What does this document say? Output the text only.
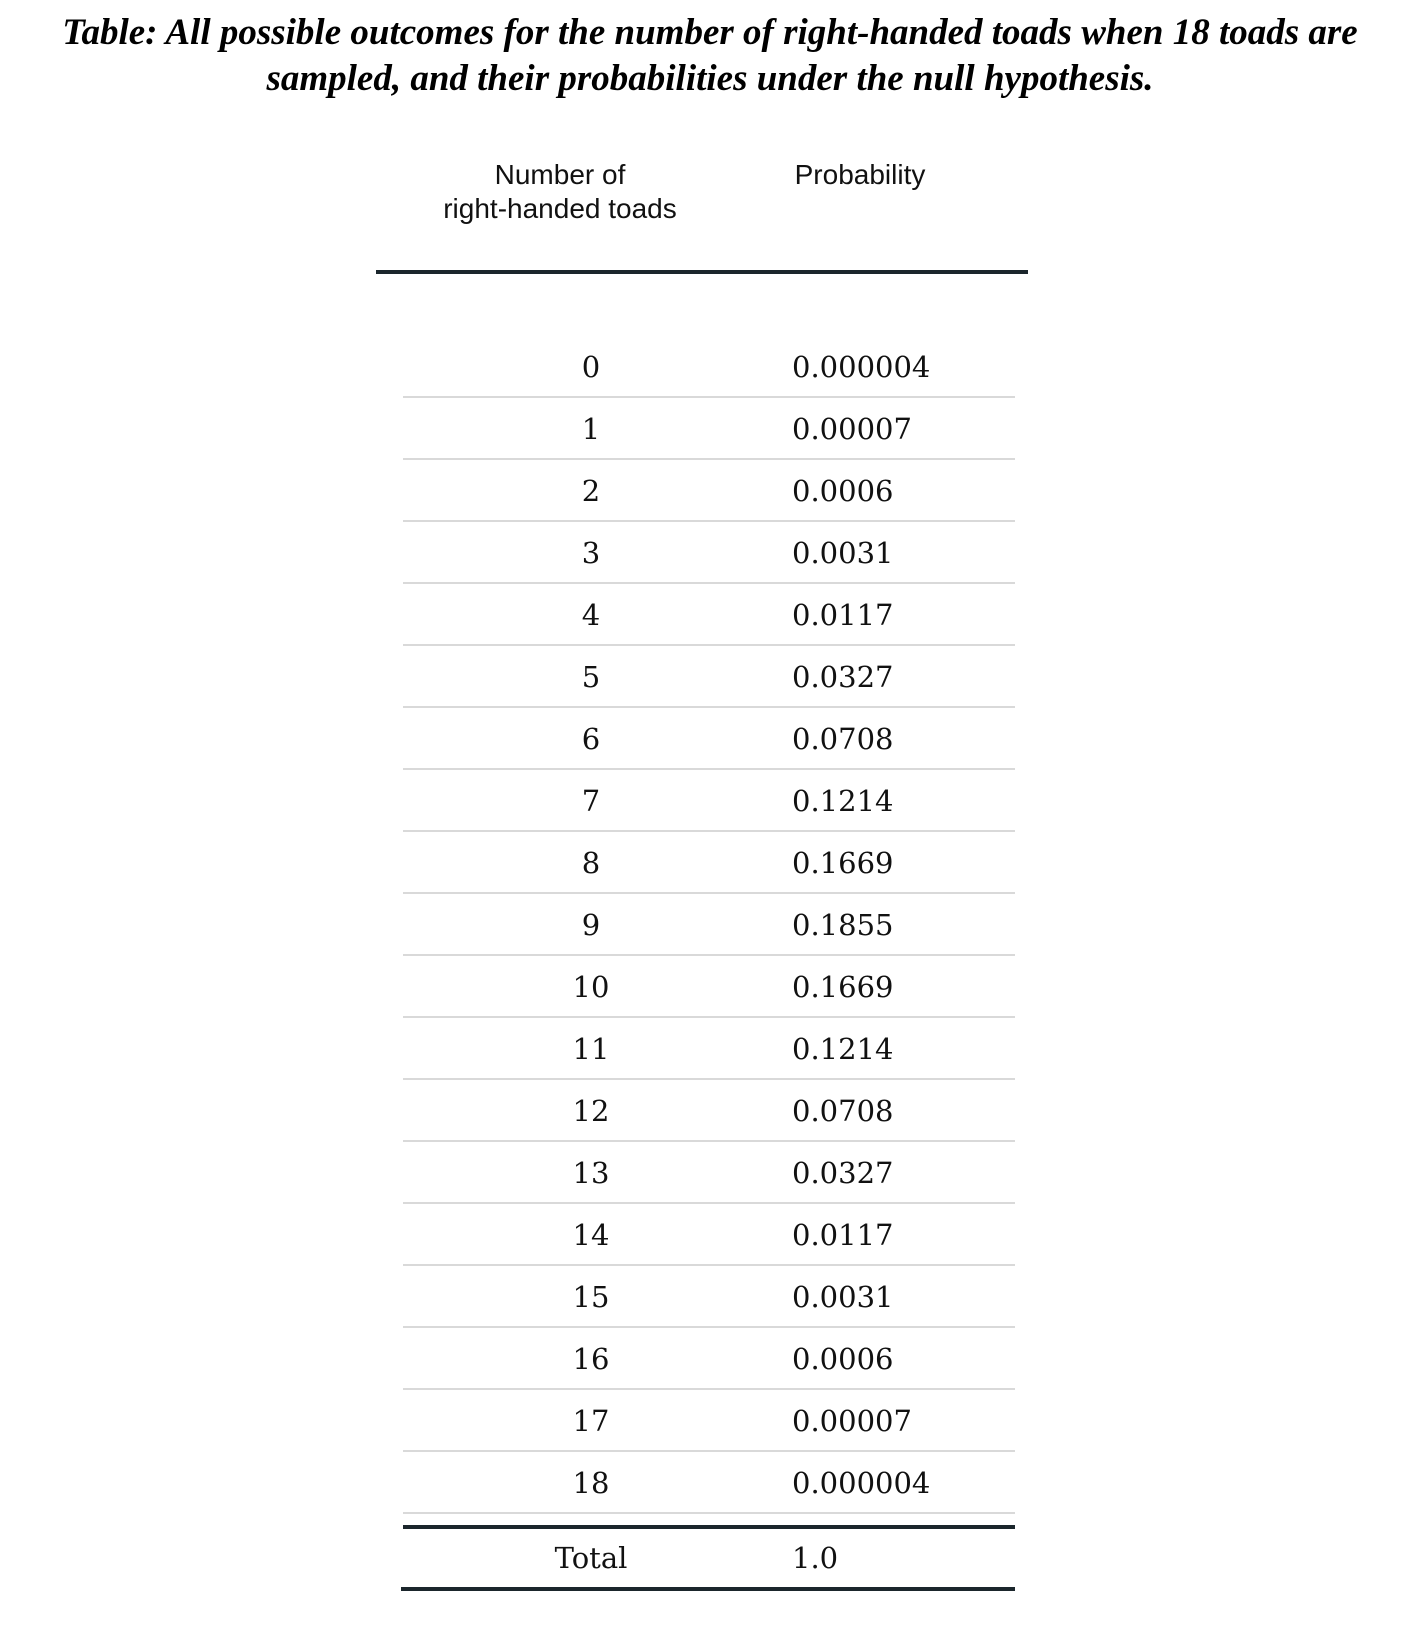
Table: All possible outcomes for the number of right-handed toads when 18 toads are
sampled, and their probabilities under the null hypothesis.
Number of
right-handed toads
Probability
0	0.000004
1	0.00007
2	0.0006
3	0.0031
4	0.0117
5	0.0327
6	0.0708
7	0.1214
8	0.1669
9	0.1855
10	0.1669
11	0.1214
12	0.0708
13	0.0327
14	0.0117
15	0.0031
16	0.0006
17	0.00007
18	0.000004
Total	1.0
